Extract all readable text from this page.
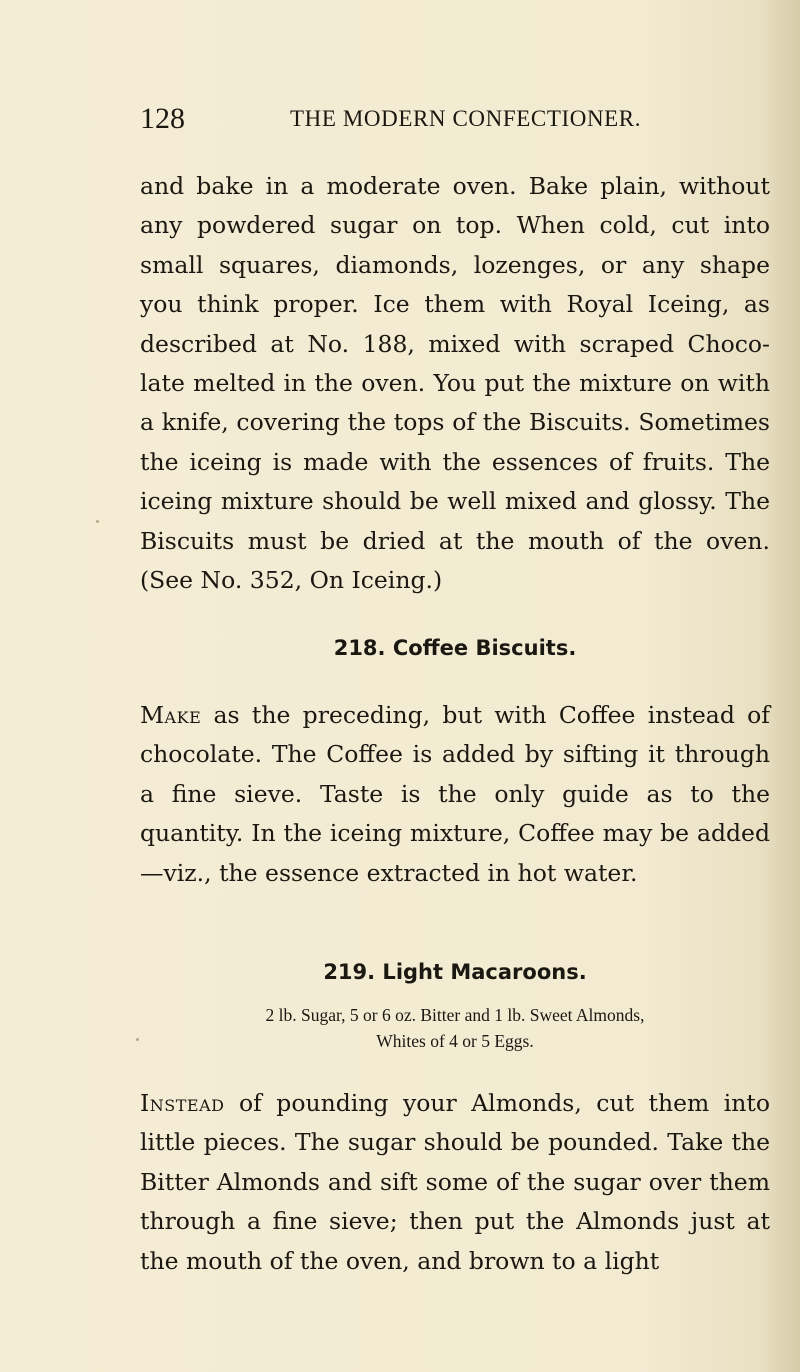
128	THE MODERN CONFECTIONER.

and bake in a moderate oven. Bake plain, without any powdered sugar on top. When cold, cut into small squares, diamonds, lozenges, or any shape you think proper. Ice them with Royal Iceing, as described at No. 188, mixed with scraped Choco-late melted in the oven. You put the mixture on with a knife, covering the tops of the Biscuits. Sometimes the iceing is made with the essences of fruits. The iceing mixture should be well mixed and glossy. The Biscuits must be dried at the mouth of the oven. (See No. 352, On Iceing.)

218. Coffee Biscuits.

Make as the preceding, but with Coffee instead of chocolate. The Coffee is added by sifting it through a fine sieve. Taste is the only guide as to the quantity. In the iceing mixture, Coffee may be added—viz., the essence extracted in hot water.

219. Light Macaroons.
2 lb. Sugar, 5 or 6 oz. Bitter and 1 lb. Sweet Almonds,
Whites of 4 or 5 Eggs.

Instead of pounding your Almonds, cut them into little pieces. The sugar should be pounded. Take the Bitter Almonds and sift some of the sugar over them through a fine sieve; then put the Almonds just at the mouth of the oven, and brown to a light
